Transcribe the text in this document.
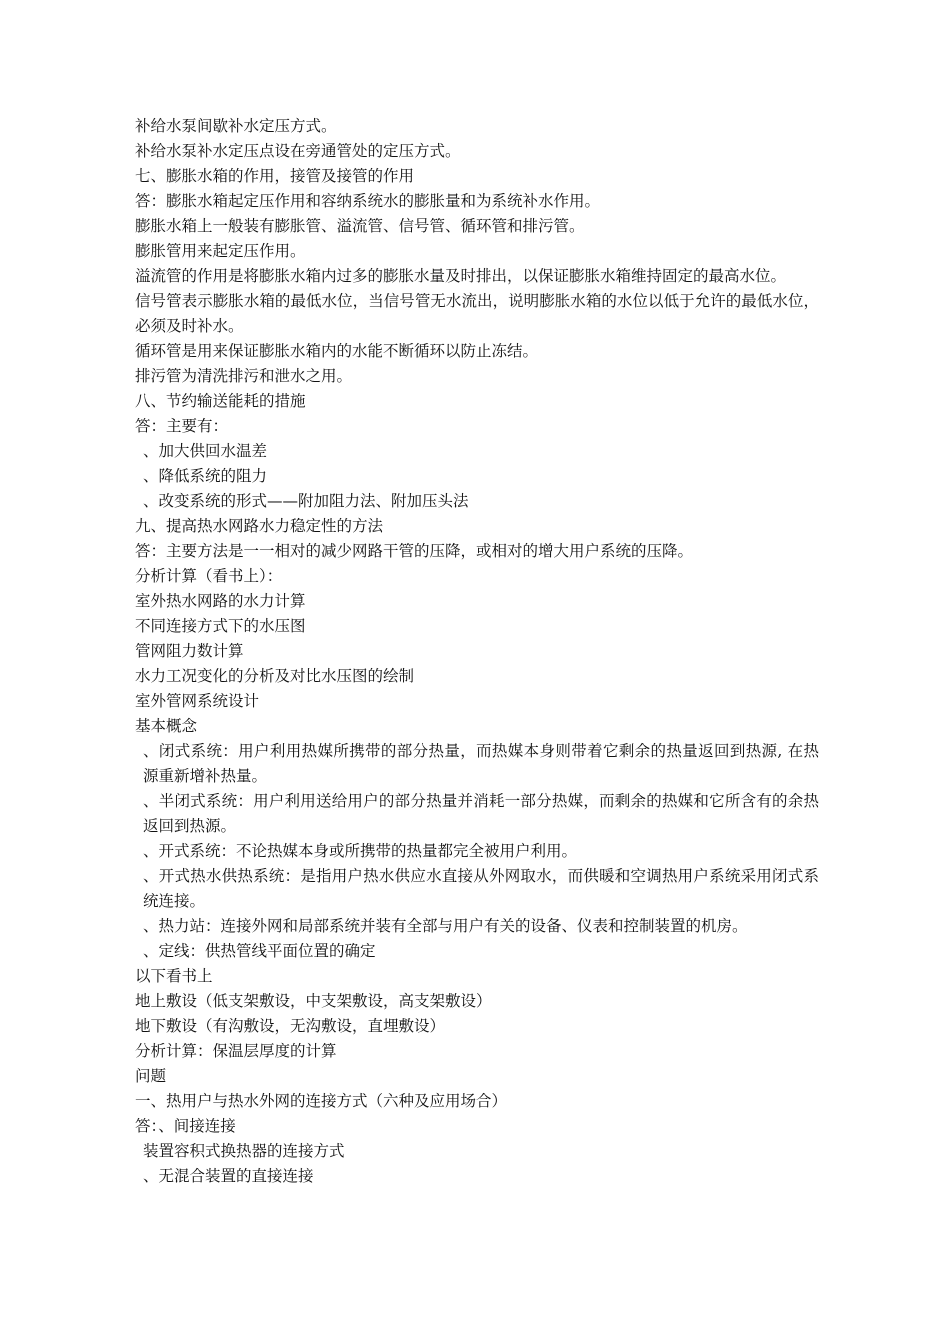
补给水泵间歇补水定压方式。
补给水泵补水定压点设在旁通管处的定压方式。
七、膨胀水箱的作用，接管及接管的作用
答：膨胀水箱起定压作用和容纳系统水的膨胀量和为系统补水作用。
膨胀水箱上一般装有膨胀管、溢流管、信号管、循环管和排污管。
膨胀管用来起定压作用。
溢流管的作用是将膨胀水箱内过多的膨胀水量及时排出，以保证膨胀水箱维持固定的最高水位。
信号管表示膨胀水箱的最低水位，当信号管无水流出，说明膨胀水箱的水位以低于允许的最低水位，必须及时补水。
循环管是用来保证膨胀水箱内的水能不断循环以防止冻结。
排污管为清洗排污和泄水之用。
八、节约输送能耗的措施
答：主要有：
、加大供回水温差
、降低系统的阻力
、改变系统的形式——附加阻力法、附加压头法
九、提高热水网路水力稳定性的方法
答：主要方法是一一相对的减少网路干管的压降，或相对的增大用户系统的压降。
分析计算（看书上）：
室外热水网路的水力计算
不同连接方式下的水压图
管网阻力数计算
水力工况变化的分析及对比水压图的绘制
室外管网系统设计
基本概念
、闭式系统：用户利用热媒所携带的部分热量，而热媒本身则带着它剩余的热量返回到热源, 在热源重新增补热量。
、半闭式系统：用户利用送给用户的部分热量并消耗一部分热媒，而剩余的热媒和它所含有的余热返回到热源。
、开式系统：不论热媒本身或所携带的热量都完全被用户利用。
、开式热水供热系统：是指用户热水供应水直接从外网取水，而供暖和空调热用户系统采用闭式系统连接。
、热力站：连接外网和局部系统并装有全部与用户有关的设备、仪表和控制装置的机房。
、定线：供热管线平面位置的确定
以下看书上
地上敷设（低支架敷设，中支架敷设，高支架敷设）
地下敷设（有沟敷设，无沟敷设，直埋敷设）
分析计算：保温层厚度的计算
问题
一、热用户与热水外网的连接方式（六种及应用场合）
答：、间接连接
装置容积式换热器的连接方式
、无混合装置的直接连接
